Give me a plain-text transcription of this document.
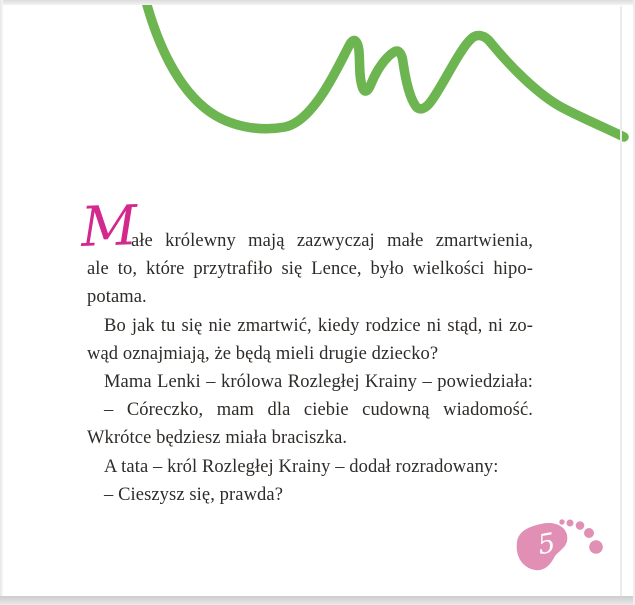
M
ałe królewny mają zazwyczaj małe zmartwienia,
ale to, które przytrafiło się Lence, było wielkości hipo-
potama.
Bo jak tu się nie zmartwić, kiedy rodzice ni stąd, ni zo-
wąd oznajmiają, że będą mieli drugie dziecko?
Mama Lenki – królowa Rozległej Krainy – powiedziała:
– Córeczko, mam dla ciebie cudowną wiadomość.
Wkrótce będziesz miała braciszka.
A tata – król Rozległej Krainy – dodał rozradowany:
– Cieszysz się, prawda?
5
